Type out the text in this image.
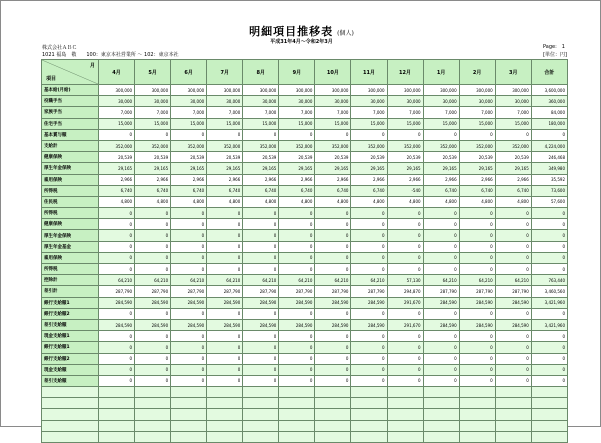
明細項目推移表 (個人)
平成31年4月～令和2年3月
株式会社ＡＢＣ
1021 福島　敬 100：東京本社営業所 ～ 102：東京本社
Page:　1
[単位：円]
月
項目	4月	5月	6月	7月	8月	9月	10月	11月	12月	1月	2月	3月	合計
基本給(月給)	300,000	300,000	300,000	300,000	300,000	300,000	300,000	300,000	300,000	300,000	300,000	300,000	3,600,000
役職手当	30,000	30,000	30,000	30,000	30,000	30,000	30,000	30,000	30,000	30,000	30,000	30,000	360,000
家族手当	7,000	7,000	7,000	7,000	7,000	7,000	7,000	7,000	7,000	7,000	7,000	7,000	84,000
住宅手当	15,000	15,000	15,000	15,000	15,000	15,000	15,000	15,000	15,000	15,000	15,000	15,000	180,000
基本賞与額	0	0	0	0	0	0	0	0	0	0	0	0	0
支給計	352,000	352,000	352,000	352,000	352,000	352,000	352,000	352,000	352,000	352,000	352,000	352,000	4,224,000
健康保険	20,539	20,539	20,539	20,539	20,539	20,539	20,539	20,539	20,539	20,539	20,539	20,539	246,468
厚生年金保険	29,165	29,165	29,165	29,165	29,165	29,165	29,165	29,165	29,165	29,165	29,165	29,165	349,980
雇用保険	2,966	2,966	2,966	2,966	2,966	2,966	2,966	2,966	2,966	2,966	2,966	2,966	35,592
所得税	6,740	6,740	6,740	6,740	6,740	6,740	6,740	6,740	-540	6,740	6,740	6,740	73,600
住民税	4,800	4,800	4,800	4,800	4,800	4,800	4,800	4,800	4,800	4,800	4,800	4,800	57,600
所得税	0	0	0	0	0	0	0	0	0	0	0	0	0
健康保険	0	0	0	0	0	0	0	0	0	0	0	0	0
厚生年金保険	0	0	0	0	0	0	0	0	0	0	0	0	0
厚生年金基金	0	0	0	0	0	0	0	0	0	0	0	0	0
雇用保険	0	0	0	0	0	0	0	0	0	0	0	0	0
所得税	0	0	0	0	0	0	0	0	0	0	0	0	0
控除計	64,210	64,210	64,210	64,210	64,210	64,210	64,210	64,210	57,130	64,210	64,210	64,210	763,440
差引計	287,790	287,790	287,790	287,790	287,790	287,790	287,790	287,790	294,870	287,790	287,790	287,790	3,460,560
銀行支給額1	284,590	284,590	284,590	284,590	284,590	284,590	284,590	284,590	291,670	284,590	284,590	284,590	3,421,960
銀行支給額2	0	0	0	0	0	0	0	0	0	0	0	0	0
差引支給額	284,590	284,590	284,590	284,590	284,590	284,590	284,590	284,590	291,670	284,590	284,590	284,590	3,421,960
現金支給額1	0	0	0	0	0	0	0	0	0	0	0	0	0
銀行支給額1	0	0	0	0	0	0	0	0	0	0	0	0	0
銀行支給額2	0	0	0	0	0	0	0	0	0	0	0	0	0
現金支給額	0	0	0	0	0	0	0	0	0	0	0	0	0
差引支給額	0	0	0	0	0	0	0	0	0	0	0	0	0
